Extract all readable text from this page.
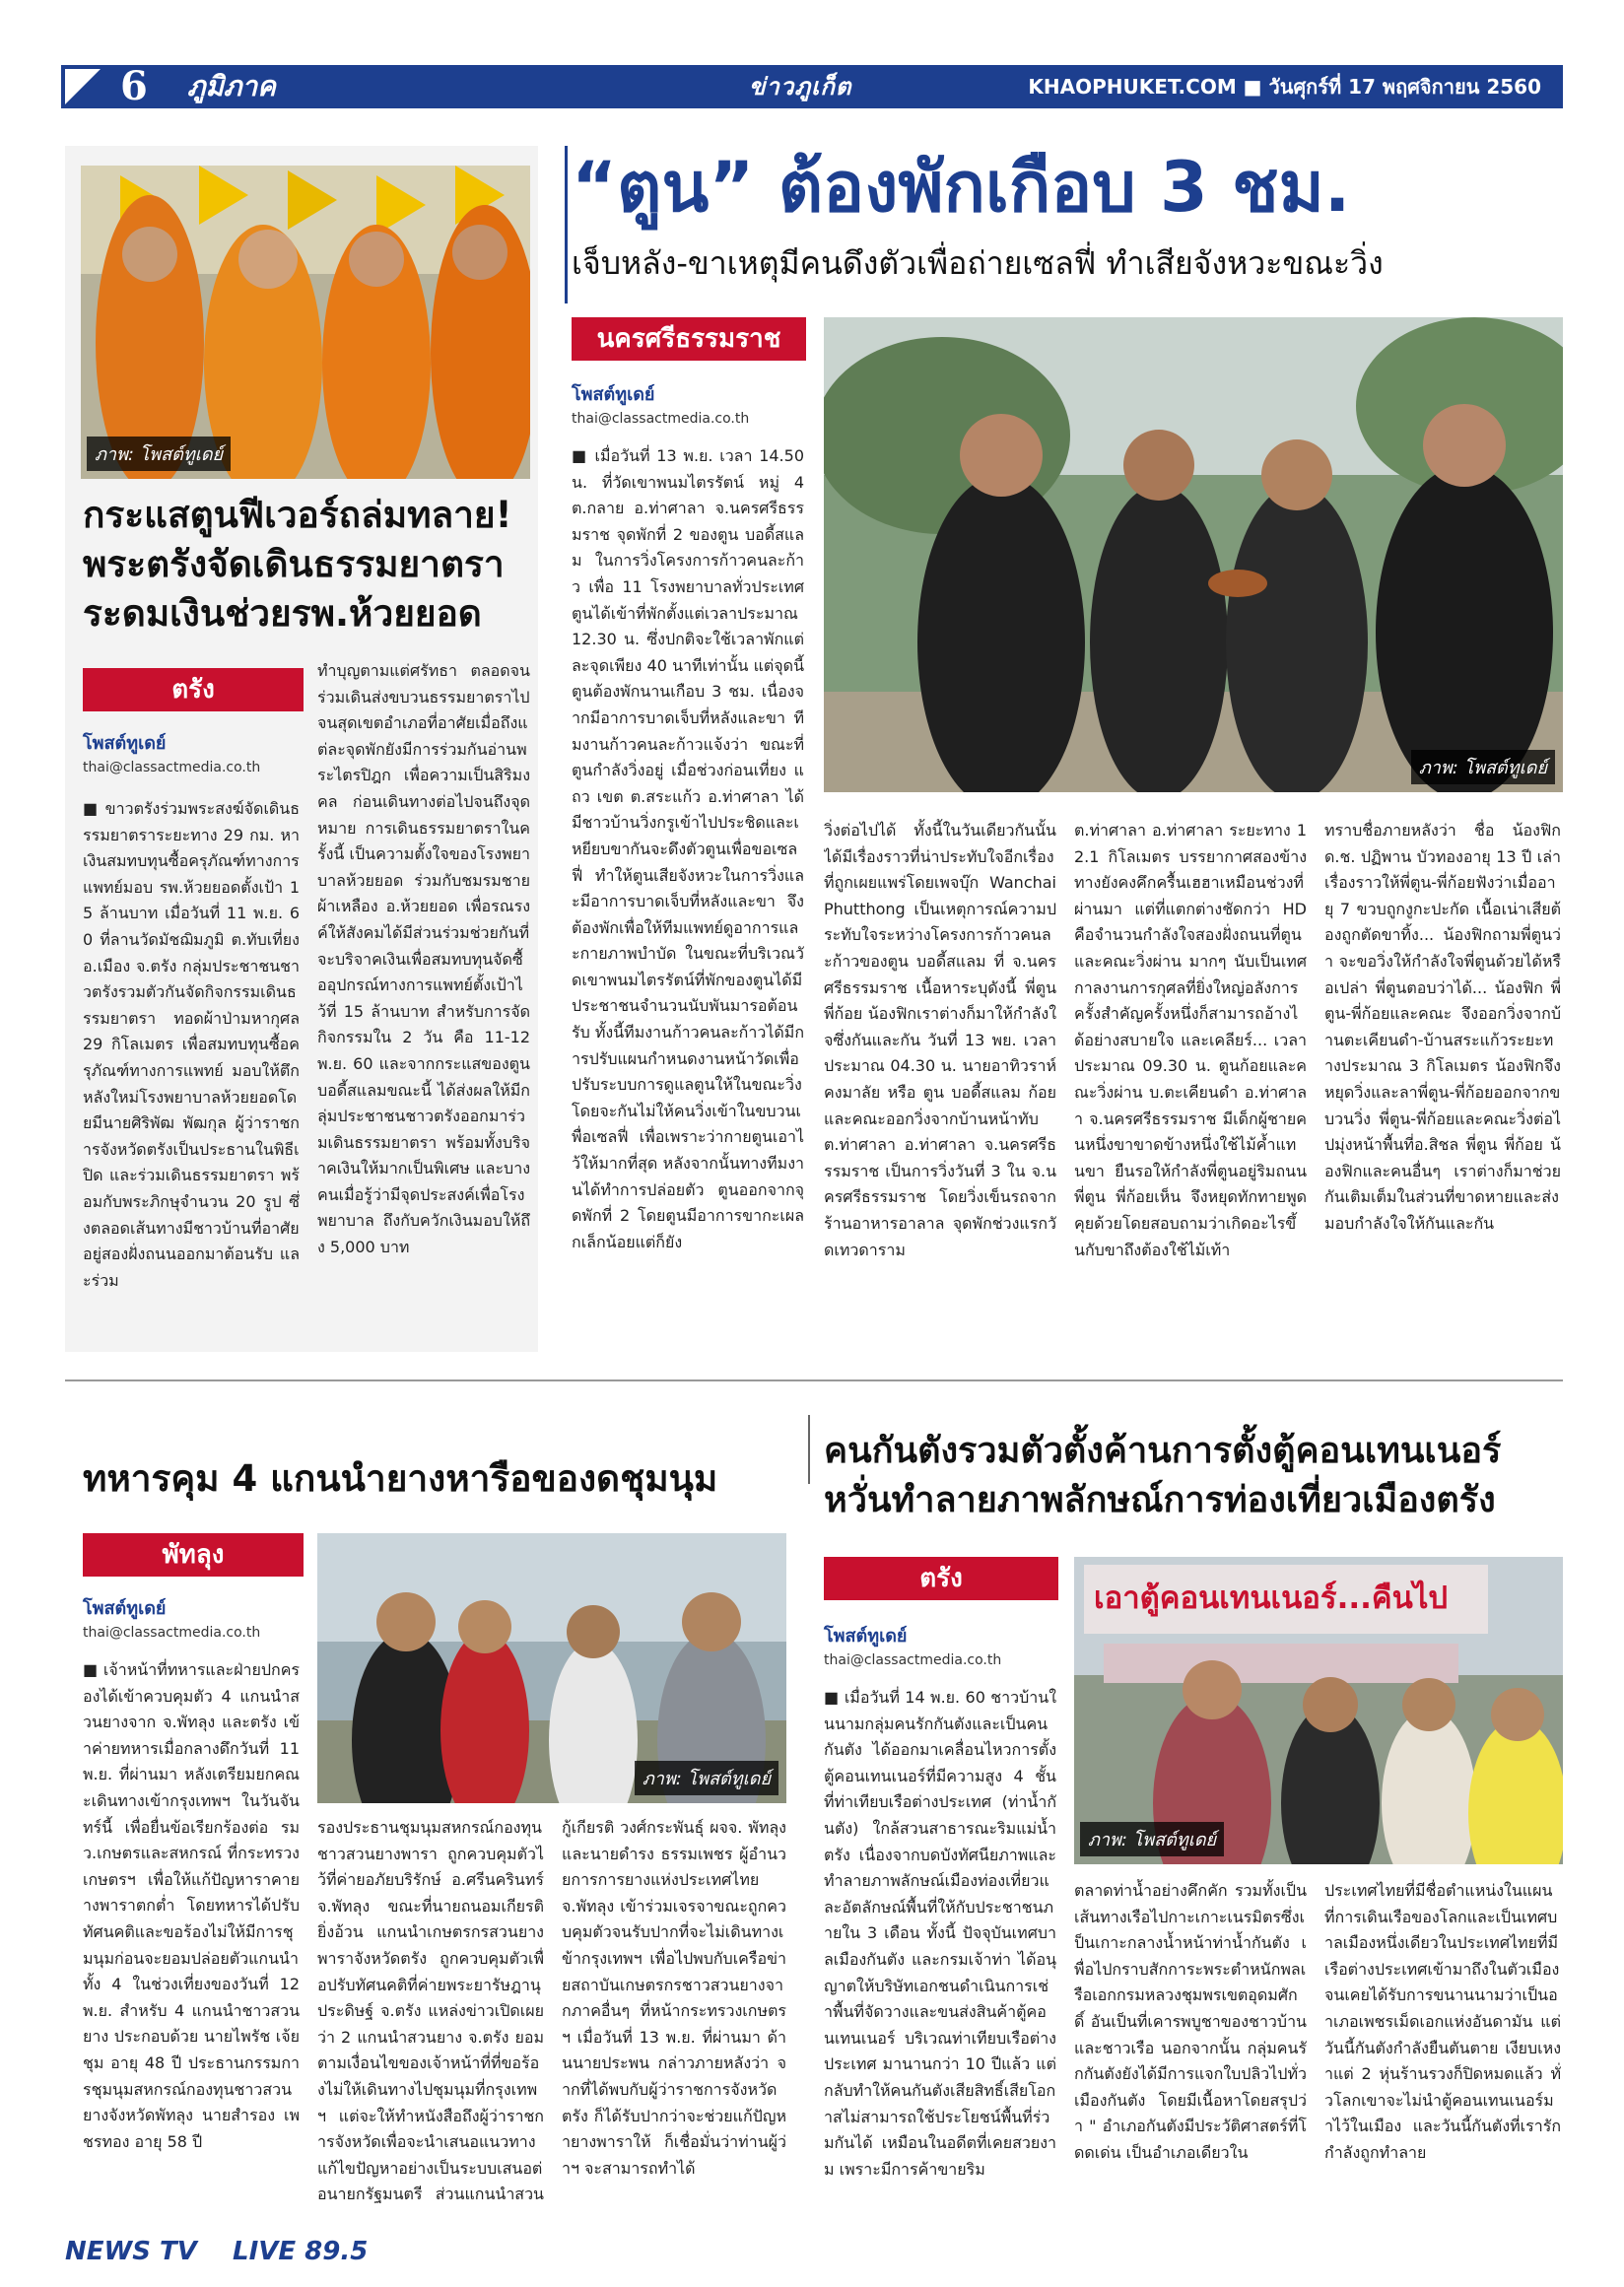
6 ภูมิภาค	ข่าวภูเก็ต	KHAOPHUKET.COM ■ วันศุกร์ที่ 17 พฤศจิกายน 2560
ภาพ: โพสต์ทูเดย์
กระแสตูนฟีเวอร์ถล่มทลาย!
พระตรังจัดเดินธรรมยาตรา
ระดมเงินช่วยรพ.ห้วยยอด
ตรัง
โพสต์ทูเดย์
thai@classactmedia.co.th
■ ขาวตรังร่วมพระสงฆ์จัดเดินธรรมยาตราระยะทาง 29 กม. หาเงินสมทบทุนซื้อครุภัณฑ์ทางการแพทย์มอบ รพ.ห้วยยอดตั้งเป้า 15 ล้านบาท เมื่อวันที่ 11 พ.ย. 60 ที่ลานวัดมัชฌิมภูมิ ต.ทับเที่ยง อ.เมือง จ.ตรัง กลุ่มประชาชนชาวตรังรวมตัวกันจัดกิจกรรมเดินธรรมยาตรา ทอดผ้าป่ามหากุศล 29 กิโลเมตร เพื่อสมทบทุนซื้อครุภัณฑ์ทางการแพทย์ มอบให้ตึกหลังใหม่โรงพยาบาลห้วยยอดโดยมีนายศิริพัฒ พัฒกุล ผู้ว่าราชการจังหวัดตรังเป็นประธานในพิธีเปิด และร่วมเดินธรรมยาตรา พร้อมกับพระภิกษุจำนวน 20 รูป ซึ่งตลอดเส้นทางมีชาวบ้านที่อาศัยอยู่สองฝั่งถนนออกมาต้อนรับ และร่วม
ทำบุญตามแต่ศรัทธา ตลอดจนร่วมเดินส่งขบวนธรรมยาตราไปจนสุดเขตอำเภอที่อาศัยเมื่อถึงแต่ละจุดพักยังมีการร่วมกันอ่านพระไตรปิฎก เพื่อความเป็นสิริมงคล ก่อนเดินทางต่อไปจนถึงจุดหมาย การเดินธรรมยาตราในครั้งนี้ เป็นความตั้งใจของโรงพยาบาลห้วยยอด ร่วมกับชมรมชายผ้าเหลือง อ.ห้วยยอด เพื่อรณรงค์ให้สังคมได้มีส่วนร่วมช่วยกันที่จะบริจาคเงินเพื่อสมทบทุนจัดซื้ออุปกรณ์ทางการแพทย์ตั้งเป้าไว้ที่ 15 ล้านบาท สำหรับการจัดกิจกรรมใน 2 วัน คือ 11-12 พ.ย. 60 และจากกระแสของตูน บอดี้สแลมขณะนี้ ได้ส่งผลให้มีกลุ่มประชาชนชาวตรังออกมาร่วมเดินธรรมยาตรา พร้อมทั้งบริจาคเงินให้มากเป็นพิเศษ และบางคนเมื่อรู้ว่ามีจุดประสงค์เพื่อโรงพยาบาล ถึงกับควักเงินมอบให้ถึง 5,000 บาท
“ตูน” ต้องพักเกือบ 3 ชม.
เจ็บหลัง-ขาเหตุมีคนดึงตัวเพื่อถ่ายเซลฟี่ ทำเสียจังหวะขณะวิ่ง
นครศรีธรรมราช
โพสต์ทูเดย์
thai@classactmedia.co.th
■ เมื่อวันที่ 13 พ.ย. เวลา 14.50 น. ที่วัดเขาพนมไตรรัตน์ หมู่ 4 ต.กลาย อ.ท่าศาลา จ.นครศรีธรรมราช จุดพักที่ 2 ของตูน บอดี้สแลม ในการวิ่งโครงการก้าวคนละก้าว เพื่อ 11 โรงพยาบาลทั่วประเทศ ตูนได้เข้าที่พักตั้งแต่เวลาประมาณ 12.30 น. ซึ่งปกติจะใช้เวลาพักแต่ละจุดเพียง 40 นาทีเท่านั้น แต่จุดนี้ตูนต้องพักนานเกือบ 3 ชม. เนื่องจากมีอาการบาดเจ็บที่หลังและขา ทีมงานก้าวคนละก้าวแจ้งว่า ขณะที่ตูนกำลังวิ่งอยู่ เมื่อช่วงก่อนเที่ยง แถว เขต ต.สระแก้ว อ.ท่าศาลา ได้มีชาวบ้านวิ่งกรูเข้าไปประชิดและเหยียบขากันจะดึงตัวตูนเพื่อขอเซลฟี่ ทำให้ตูนเสียจังหวะในการวิ่งและมีอาการบาดเจ็บที่หลังและขา จึงต้องพักเพื่อให้ทีมแพทย์ดูอาการและกายภาพบำบัด ในขณะที่บริเวณวัดเขาพนมไตรรัตน์ที่พักของตูนได้มีประชาชนจำนวนนับพันมารอต้อนรับ ทั้งนี้ทีมงานก้าวคนละก้าวได้มีการปรับแผนกำหนดงานหน้าวัดเพื่อปรับระบบการดูแลตูนให้ในขณะวิ่ง โดยจะกันไม่ให้คนวิ่งเข้าในขบวนเพื่อเซลฟี่ เพื่อเพราะว่ากายตูนเอาไว้ให้มากที่สุด หลังจากนั้นทางทีมงานได้ทำการปล่อยตัว ตูนออกจากจุดพักที่ 2 โดยตูนมีอาการขากะเผลกเล็กน้อยแต่ก็ยัง
ภาพ: โพสต์ทูเดย์
วิ่งต่อไปได้ ทั้งนี้ในวันเดียวกันนั้น ได้มีเรื่องราวที่น่าประทับใจอีกเรื่องที่ถูกเผยแพร่โดยเพจบุ๊ก Wanchai Phutthong เป็นเหตุการณ์ความประทับใจระหว่างโครงการก้าวคนละก้าวของตูน บอดี้สแลม ที่ จ.นครศรีธรรมราช เนื้อหาระบุดังนี้ พี่ตูน พี่ก้อย น้องฟิกเราต่างก็มาให้กำลังใจซึ่งกันและกัน วันที่ 13 พย. เวลาประมาณ 04.30 น. นายอาทิวราห์ คงมาลัย หรือ ตูน บอดี้สแลม ก้อยและคณะออกวิ่งจากบ้านหน้าทับ ต.ท่าศาลา อ.ท่าศาลา จ.นครศรีธรรมราช เป็นการวิ่งวันที่ 3 ใน จ.นครศรีธรรมราช โดยวิ่งเข็นรถจากร้านอาหารอาลาล จุดพักช่วงแรกวัดเทวดาราม
ต.ท่าศาลา อ.ท่าศาลา ระยะทาง 12.1 กิโลเมตร บรรยากาศสองข้างทางยังคงคึกครื้นเฮฮาเหมือนช่วงที่ผ่านมา แต่ที่แตกต่างชัดกว่า HD คือจำนวนกำลังใจสองฝั่งถนนที่ตูนและคณะวิ่งผ่าน มากๆ นับเป็นเทศกาลงานการกุศลที่ยิ่งใหญ่อลังการครั้งสำคัญครั้งหนึ่งก็สามารถอ้างได้อย่างสบายใจ และเคลียร์... เวลาประมาณ 09.30 น. ตูนก้อยและคณะวิ่งผ่าน บ.ตะเคียนดำ อ.ท่าศาลา จ.นครศรีธรรมราช มีเด็กผู้ชายคนหนึ่งขาขาดข้างหนึ่งใช้ไม้ค้ำแทนขา ยืนรอให้กำลังพี่ตูนอยู่ริมถนน พี่ตูน พี่ก้อยเห็น จึงหยุดทักทายพูดคุยด้วยโดยสอบถามว่าเกิดอะไรขึ้นกับขาถึงต้องใช้ไม้เท้า
ทราบชื่อภายหลังว่า ชื่อ น้องฟิก ด.ช. ปฏิพาน บัวทองอายุ 13 ปี เล่าเรื่องราวให้พี่ตูน-พี่ก้อยฟังว่าเมื่ออายุ 7 ขวบถูกงูกะปะกัด เนื้อเน่าเสียต้องถูกตัดขาทิ้ง... น้องฟิกถามพี่ตูนว่า จะขอวิ่งให้กำลังใจพี่ตูนด้วยได้หรือเปล่า พี่ตูนตอบว่าได้... น้องฟิก พี่ตูน-พี่ก้อยและคณะ จึงออกวิ่งจากบ้านตะเคียนดำ-บ้านสระแก้วระยะทางประมาณ 3 กิโลเมตร น้องฟิกจึงหยุดวิ่งและลาพี่ตูน-พี่ก้อยออกจากขบวนวิ่ง พี่ตูน-พี่ก้อยและคณะวิ่งต่อไปมุ่งหน้าพื้นที่อ.สิชล พี่ตูน พี่ก้อย น้องฟิกและคนอื่นๆ เราต่างก็มาช่วยกันเติมเต็มในส่วนที่ขาดหายและส่งมอบกำลังใจให้กันและกัน
ทหารคุม 4 แกนนำยางหารือของดชุมนุม
พัทลุง
โพสต์ทูเดย์
thai@classactmedia.co.th
ภาพ: โพสต์ทูเดย์
■ เจ้าหน้าที่ทหารและฝ่ายปกครองได้เข้าควบคุมตัว 4 แกนนำสวนยางจาก จ.พัทลุง และตรัง เข้าค่ายทหารเมื่อกลางดึกวันที่ 11 พ.ย. ที่ผ่านมา หลังเตรียมยกคณะเดินทางเข้ากรุงเทพฯ ในวันจันทร์นี้ เพื่อยื่นข้อเรียกร้องต่อ รมว.เกษตรและสหกรณ์ ที่กระทรวงเกษตรฯ เพื่อให้แก้ปัญหาราคายางพาราตกต่ำ โดยทหารได้ปรับทัศนคติและขอร้องไม่ให้มีการชุมนุมก่อนจะยอมปล่อยตัวแกนนำทั้ง 4 ในช่วงเที่ยงของวันที่ 12 พ.ย. สำหรับ 4 แกนนำชาวสวนยาง ประกอบด้วย นายไพรัช เจ้ยชุม อายุ 48 ปี ประธานกรรมการชุมนุมสหกรณ์กองทุนชาวสวนยางจังหวัดพัทลุง นายสำรอง เพชรทอง อายุ 58 ปี
รองประธานชุมนุมสหกรณ์กองทุนชาวสวนยางพารา ถูกควบคุมตัวไว้ที่ค่ายอภัยบริรักษ์ อ.ศรีนครินทร์ จ.พัทลุง ขณะที่นายถนอมเกียรติ ยิ่งอ้วน แกนนำเกษตรกรสวนยางพาราจังหวัดตรัง ถูกควบคุมตัวเพื่อปรับทัศนคติที่ค่ายพระยารัษฎานุประดิษฐ์ จ.ตรัง แหล่งข่าวเปิดเผยว่า 2 แกนนำสวนยาง จ.ตรัง ยอมตามเงื่อนไขของเจ้าหน้าที่ที่ขอร้องไม่ให้เดินทางไปชุมนุมที่กรุงเทพฯ แต่จะให้ทำหนังสือถึงผู้ว่าราชการจังหวัดเพื่อจะนำเสนอแนวทางแก้ไขปัญหาอย่างเป็นระบบเสนอต่อนายกรัฐมนตรี ส่วนแกนนำสวน
กู้เกียรติ วงศ์กระพันธุ์ ผจจ. พัทลุง และนายดำรง ธรรมเพชร ผู้อำนวยการการยางแห่งประเทศไทย จ.พัทลุง เข้าร่วมเจรจาขณะถูกควบคุมตัวจนรับปากที่จะไม่เดินทางเข้ากรุงเทพฯ เพื่อไปพบกับเครือข่ายสถาบันเกษตรกรชาวสวนยางจากภาคอื่นๆ ที่หน้ากระทรวงเกษตรฯ เมื่อวันที่ 13 พ.ย. ที่ผ่านมา ด้านนายประพน กล่าวภายหลังว่า จากที่ได้พบกับผู้ว่าราชการจังหวัดตรัง ก็ได้รับปากว่าจะช่วยแก้ปัญหายางพาราให้ ก็เชื่อมั่นว่าท่านผู้ว่าฯ จะสามารถทำได้
คนกันตังรวมตัวตั้งค้านการตั้งตู้คอนเทนเนอร์
หวั่นทำลายภาพลักษณ์การท่องเที่ยวเมืองตรัง
ตรัง
โพสต์ทูเดย์
thai@classactmedia.co.th
■ เมื่อวันที่ 14 พ.ย. 60 ชาวบ้านในนามกลุ่มคนรักกันตังและเป็นคนกันตัง ได้ออกมาเคลื่อนไหวการตั้งตู้คอนเทนเนอร์ที่มีความสูง 4 ชั้น ที่ท่าเทียบเรือต่างประเทศ (ท่าน้ำกันตัง) ใกล้สวนสาธารณะริมแม่น้ำตรัง เนื่องจากบดบังทัศนียภาพและทำลายภาพลักษณ์เมืองท่องเที่ยวและอัตลักษณ์พื้นที่ให้กับประชาชนภายใน 3 เดือน ทั้งนี้ ปัจจุบันเทศบาลเมืองกันตัง และกรมเจ้าท่า ได้อนุญาตให้บริษัทเอกชนดำเนินการเช่าพื้นที่จัดวางและขนส่งสินค้าตู้คอนเทนเนอร์ บริเวณท่าเทียบเรือต่างประเทศ มานานกว่า 10 ปีแล้ว แต่กลับทำให้คนกันตังเสียสิทธิ์เสียโอกาสไม่สามารถใช้ประโยชน์พื้นที่ร่วมกันได้ เหมือนในอดีตที่เคยสวยงาม เพราะมีการค้าขายริม
เอาตู้คอนเทนเนอร์...คืนไป
ภาพ: โพสต์ทูเดย์
ตลาดท่าน้ำอย่างคึกคัก รวมทั้งเป็นเส้นทางเรือไปกาะเกาะเนรมิตรซึ่งเป็นเกาะกลางน้ำหน้าท่าน้ำกันตัง เพื่อไปกราบสักการะพระตำหนักพลเรือเอกกรมหลวงชุมพรเขตอุดมศักดิ์ อันเป็นที่เคารพบูชาของชาวบ้าน และชาวเรือ นอกจากนั้น กลุ่มคนรักกันตังยังได้มีการแจกใบปลิวไปทั่วเมืองกันตัง โดยมีเนื้อหาโดยสรุปว่า " อำเภอกันตังมีประวัติศาสตร์ที่โดดเด่น เป็นอำเภอเดียวใน
ประเทศไทยที่มีชื่อตำแหน่งในแผนที่การเดินเรือของโลกและเป็นเทศบาลเมืองหนึ่งเดียวในประเทศไทยที่มีเรือต่างประเทศเข้ามาถึงในตัวเมือง จนเคยได้รับการขนานนามว่าเป็นอำเภอเพชรเม็ดเอกแห่งอันดามัน แต่วันนี้กันตังกำลังยืนตันตาย เงียบเหงาแต่ 2 หุ่นร้านรวงก็ปิดหมดแล้ว ทั่วโลกเขาจะไม่นำตู้คอนเทนเนอร์มาไว้ในเมือง และวันนี้กันตังที่เรารักกำลังถูกทำลาย
NEWS TV LIVE 89.5
